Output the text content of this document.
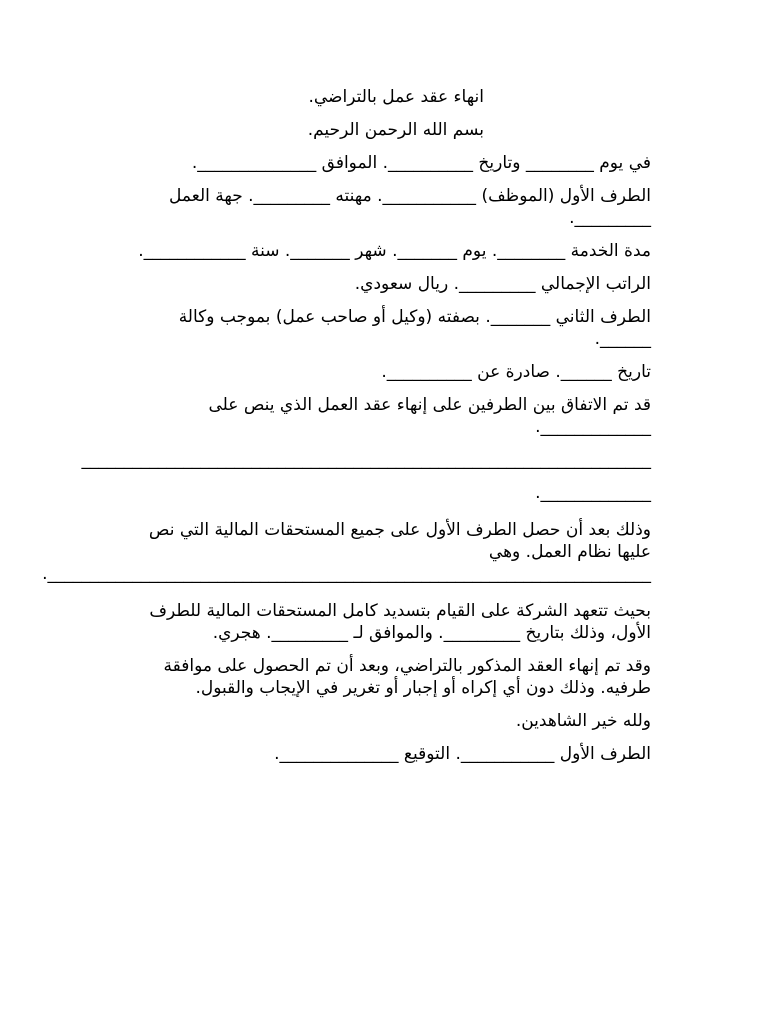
انهاء عقد عمل بالتراضي.

بسم الله الرحمن الرحيم.

في يوم ________ وتاريخ __________. الموافق ______________.

الطرف الأول (الموظف) ___________. مهنته _________. جهة العمل _________.

مدة الخدمة ________. يوم _______. شهر _______. سنة ____________.

الراتب الإجمالي _________. ريال سعودي.

الطرف الثاني _______. بصفته (وكيل أو صاحب عمل) بموجب وكالة ______.

تاريخ ______. صادرة عن __________.

قد تم الاتفاق بين الطرفين على إنهاء عقد العمل الذي ينص على _____________.

___________________________________________________________________

_____________.

وذلك بعد أن حصل الطرف الأول على جميع المستحقات المالية التي نص عليها نظام العمل. وهي _______________________________________________________________________.

بحيث تتعهد الشركة على القيام بتسديد كامل المستحقات المالية للطرف الأول، وذلك بتاريخ _________. والموافق لـ _________. هجري.

وقد تم إنهاء العقد المذكور بالتراضي، وبعد أن تم الحصول على موافقة طرفيه. وذلك دون أي إكراه أو إجبار أو تغرير في الإيجاب والقبول.

ولله خير الشاهدين.

الطرف الأول ___________. التوقيع ______________.
